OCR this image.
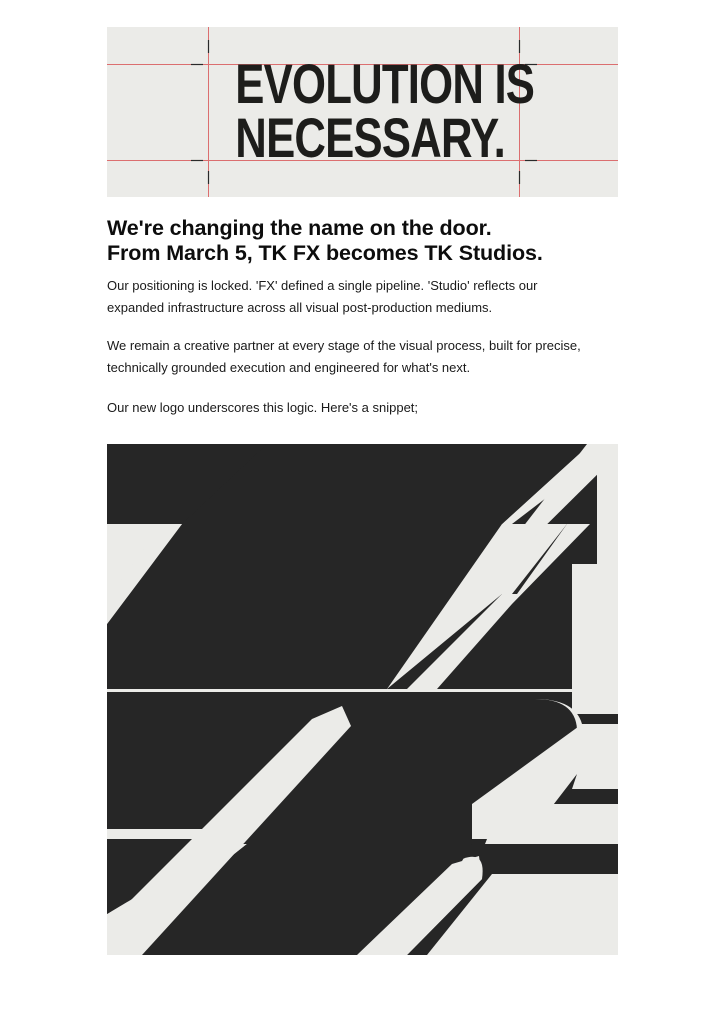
EVOLUTION IS
NECESSARY.
We're changing the name on the door.
From March 5, TK FX becomes TK Studios.

Our positioning is locked. 'FX' defined a single pipeline. 'Studio' reflects our
expanded infrastructure across all visual post-production mediums.

We remain a creative partner at every stage of the visual process, built for precise,
technically grounded execution and engineered for what's next.

Our new logo underscores this logic. Here's a snippet;
